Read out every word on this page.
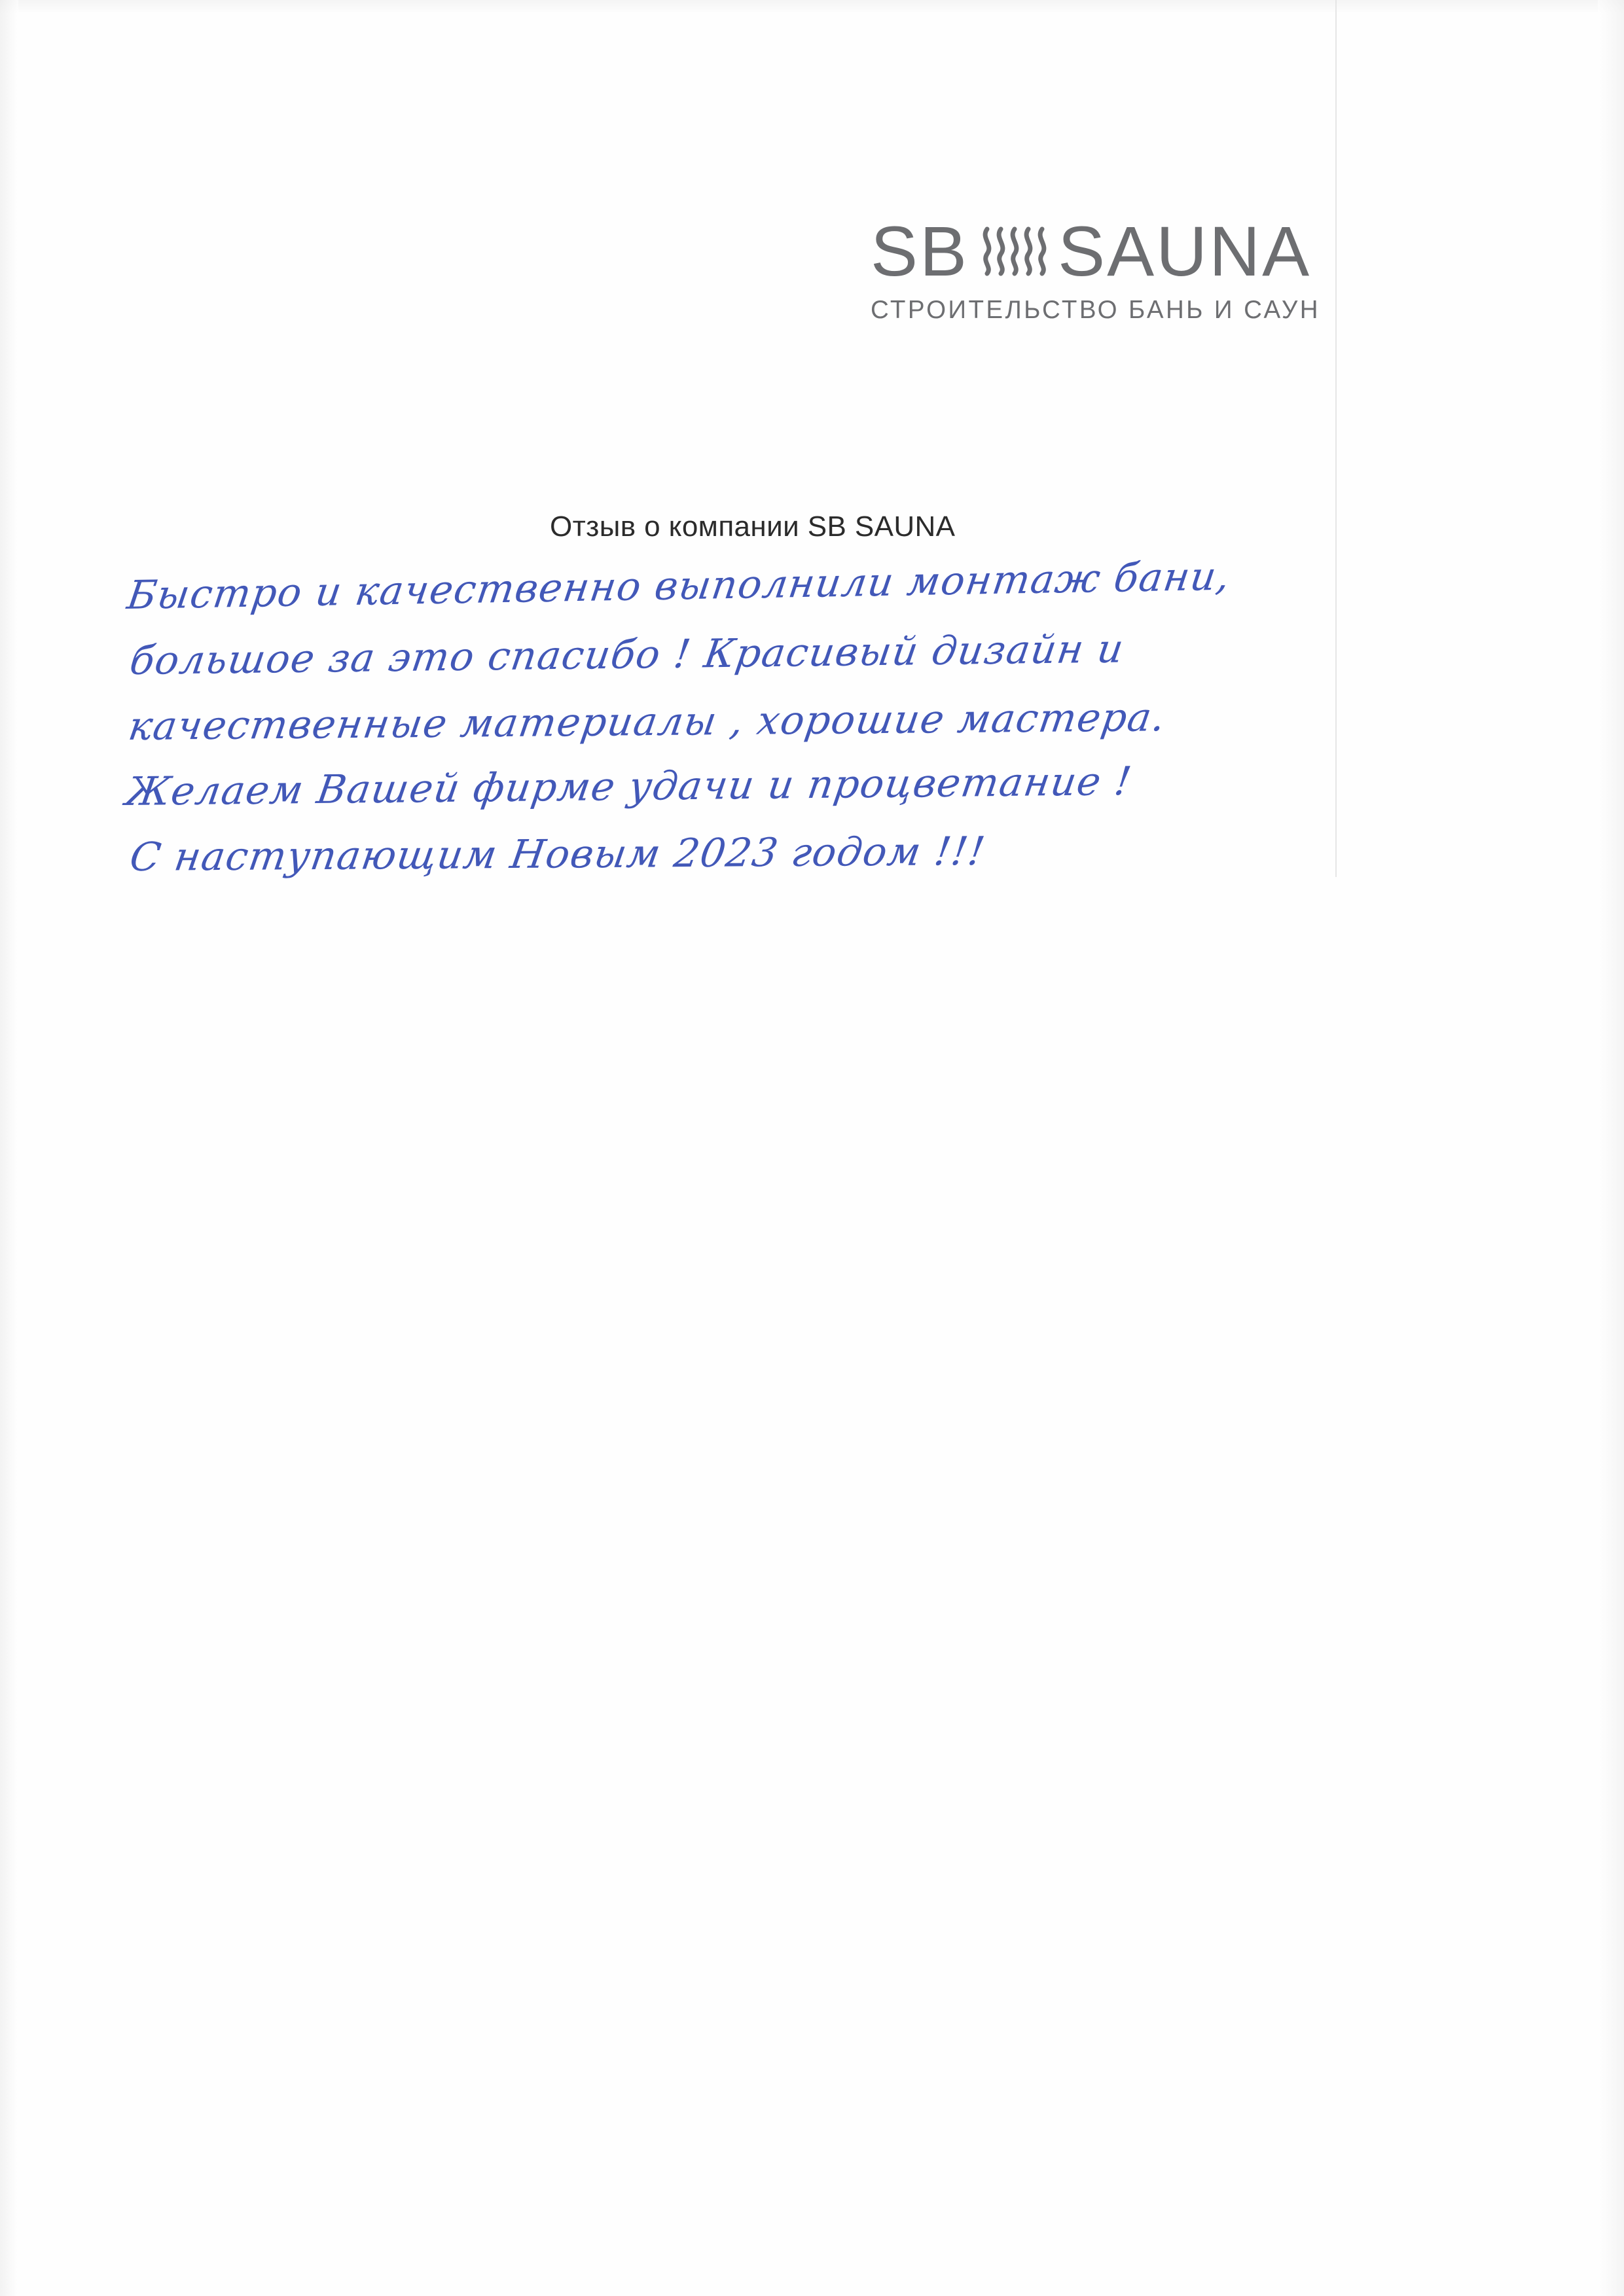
SB SAUNA
СТРОИТЕЛЬСТВО БАНЬ И САУН
Отзыв о компании SB SAUNA
Быстро и качественно выполнили монтаж бани,
большое за это спасибо ! Красивый дизайн и
качественные материалы , хорошие мастера.
Желаем Вашей фирме удачи и процветание !
С наступающим Новым 2023 годом !!!
